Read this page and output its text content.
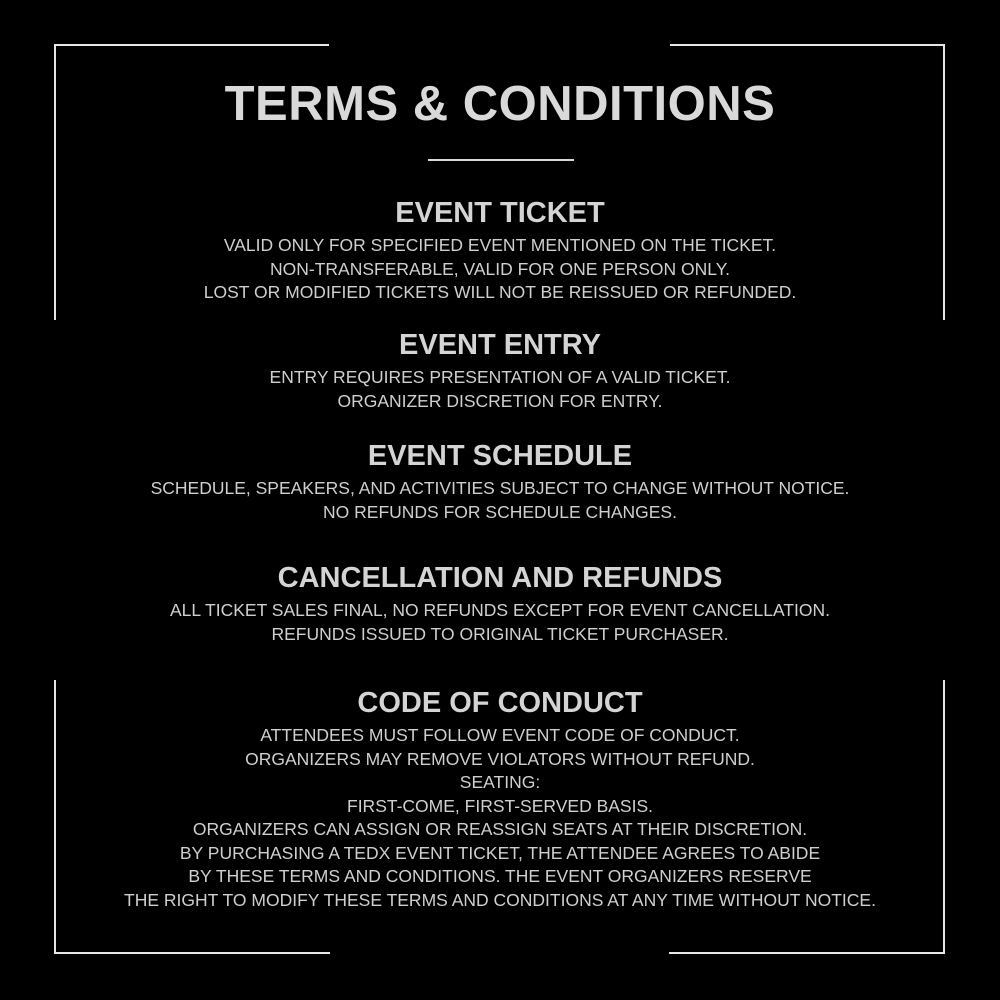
TERMS & CONDITIONS
EVENT TICKET
VALID ONLY FOR SPECIFIED EVENT MENTIONED ON THE TICKET.
NON-TRANSFERABLE, VALID FOR ONE PERSON ONLY.
LOST OR MODIFIED TICKETS WILL NOT BE REISSUED OR REFUNDED.
EVENT ENTRY
ENTRY REQUIRES PRESENTATION OF A VALID TICKET.
ORGANIZER DISCRETION FOR ENTRY.
EVENT SCHEDULE
SCHEDULE, SPEAKERS, AND ACTIVITIES SUBJECT TO CHANGE WITHOUT NOTICE.
NO REFUNDS FOR SCHEDULE CHANGES.
CANCELLATION AND REFUNDS
ALL TICKET SALES FINAL, NO REFUNDS EXCEPT FOR EVENT CANCELLATION.
REFUNDS ISSUED TO ORIGINAL TICKET PURCHASER.
CODE OF CONDUCT
ATTENDEES MUST FOLLOW EVENT CODE OF CONDUCT.
ORGANIZERS MAY REMOVE VIOLATORS WITHOUT REFUND.
SEATING:
FIRST-COME, FIRST-SERVED BASIS.
ORGANIZERS CAN ASSIGN OR REASSIGN SEATS AT THEIR DISCRETION.
BY PURCHASING A TEDX EVENT TICKET, THE ATTENDEE AGREES TO ABIDE
BY THESE TERMS AND CONDITIONS. THE EVENT ORGANIZERS RESERVE
THE RIGHT TO MODIFY THESE TERMS AND CONDITIONS AT ANY TIME WITHOUT NOTICE.
